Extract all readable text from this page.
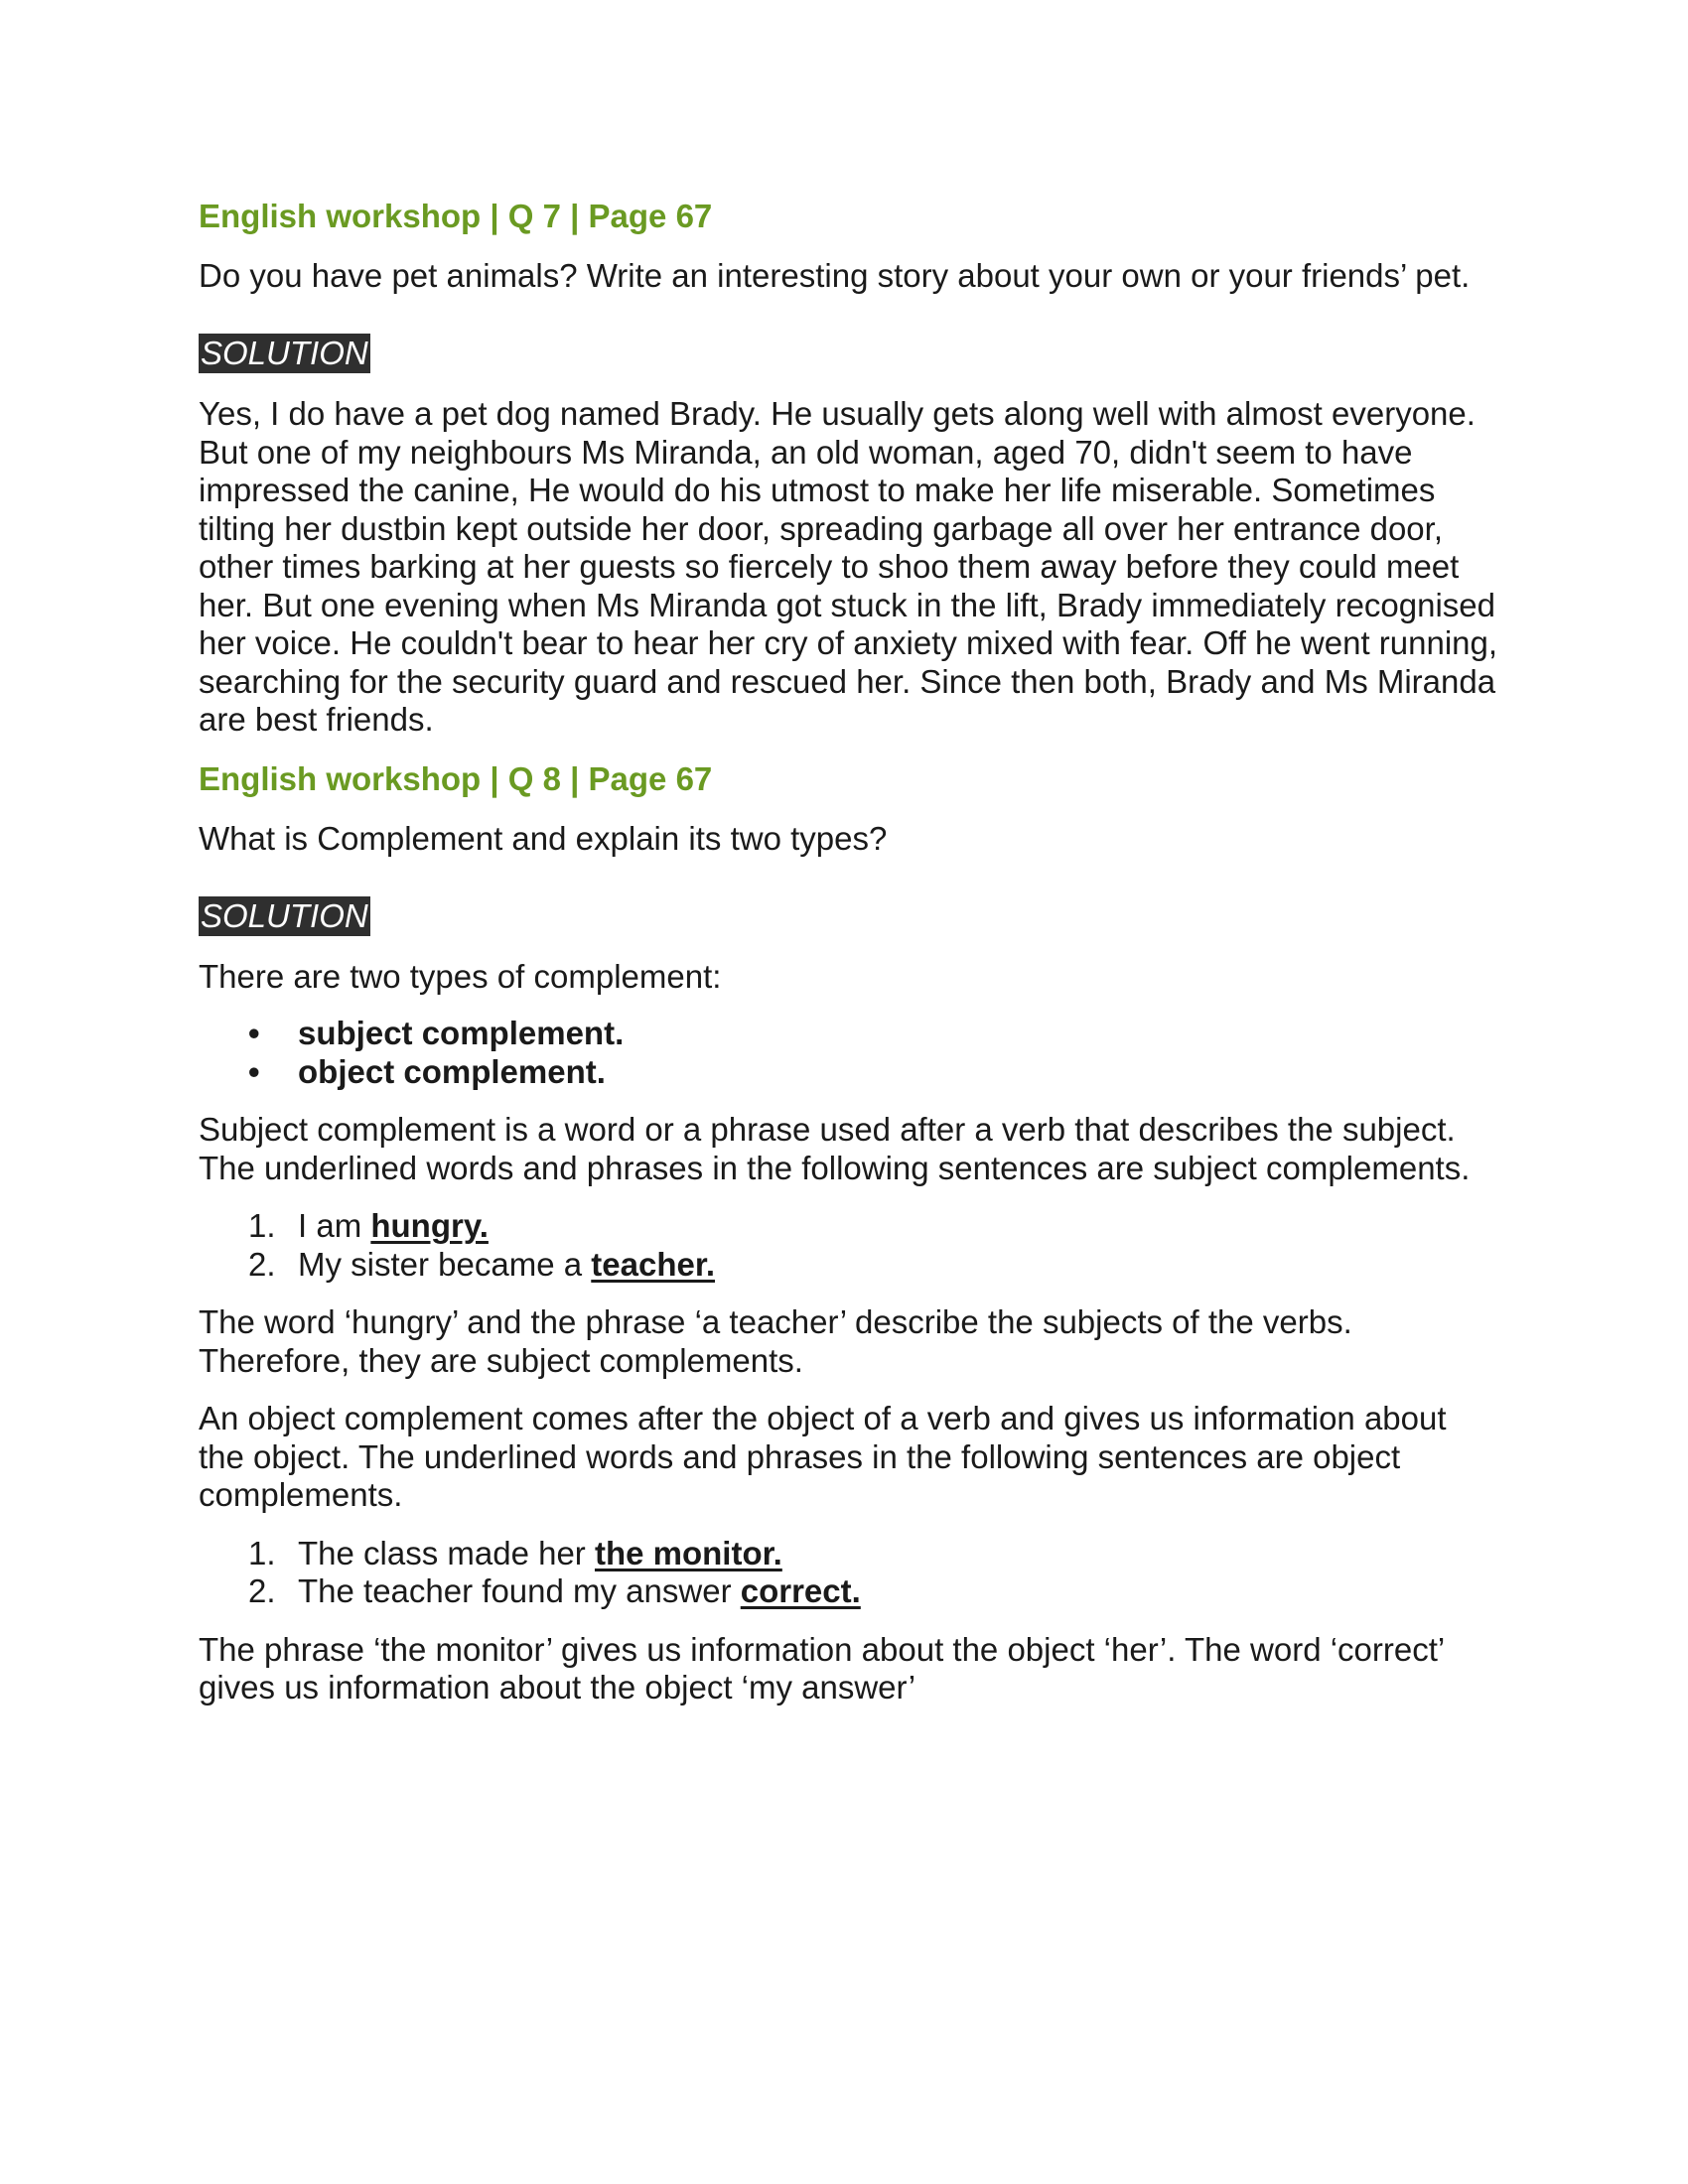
English workshop | Q 7 | Page 67
Do you have pet animals? Write an interesting story about your own or your friends’ pet.
SOLUTION
Yes, I do have a pet dog named Brady. He usually gets along well with almost everyone. But one of my neighbours Ms Miranda, an old woman, aged 70, didn't seem to have impressed the canine, He would do his utmost to make her life miserable. Sometimes tilting her dustbin kept outside her door, spreading garbage all over her entrance door, other times barking at her guests so fiercely to shoo them away before they could meet her. But one evening when Ms Miranda got stuck in the lift, Brady immediately recognised her voice. He couldn't bear to hear her cry of anxiety mixed with fear. Off he went running, searching for the security guard and rescued her. Since then both, Brady and Ms Miranda are best friends.
English workshop | Q 8 | Page 67
What is Complement and explain its two types?
SOLUTION
There are two types of complement:
• subject complement.
• object complement.
Subject complement is a word or a phrase used after a verb that describes the subject. The underlined words and phrases in the following sentences are subject complements.
1. I am hungry.
2. My sister became a teacher.
The word ‘hungry’ and the phrase ‘a teacher’ describe the subjects of the verbs. Therefore, they are subject complements.
An object complement comes after the object of a verb and gives us information about the object. The underlined words and phrases in the following sentences are object complements.
1. The class made her the monitor.
2. The teacher found my answer correct.
The phrase ‘the monitor’ gives us information about the object ‘her’. The word ‘correct’ gives us information about the object ‘my answer’
